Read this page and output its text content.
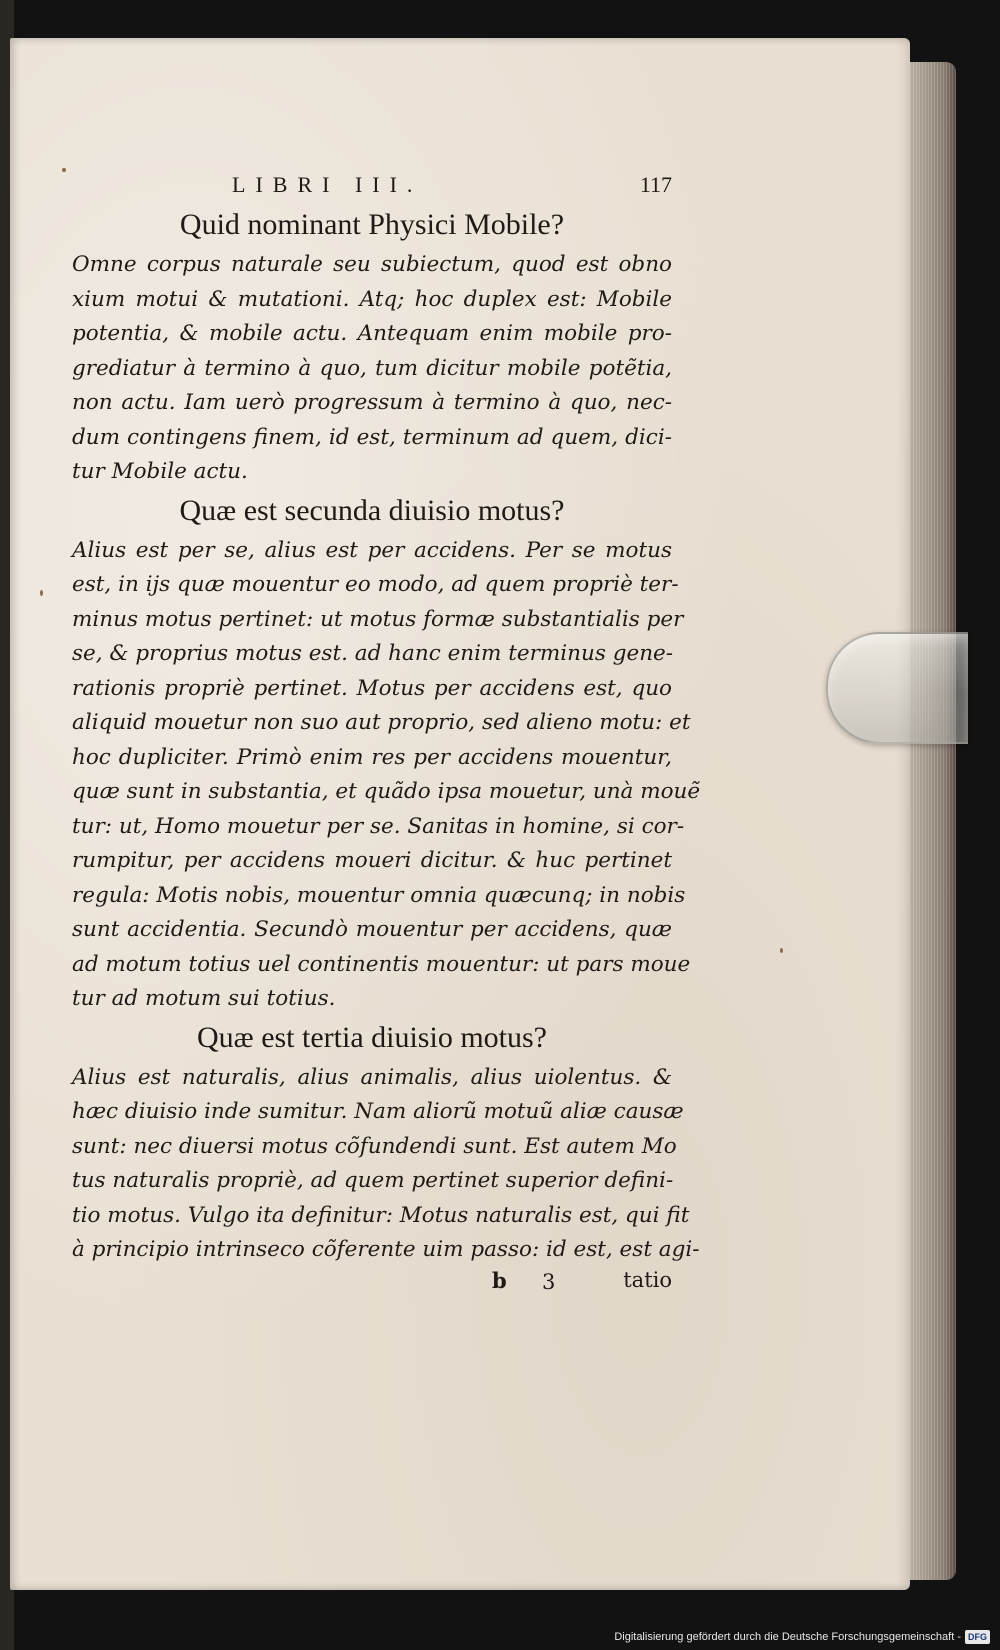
LIBRI III.	117
Quid nominant Physici Mobile?

Omne corpus naturale seu subiectum, quod est obno
xium motui & mutationi. Atq; hoc duplex est: Mobile
potentia, & mobile actu. Antequam enim mobile pro-
grediatur à termino à quo, tum dicitur mobile potẽtia,
non actu. Iam uerò progressum à termino à quo, nec-
dum contingens finem, id est, terminum ad quem, dici-
tur Mobile actu.

Quæ est secunda diuisio motus?

Alius est per se, alius est per accidens. Per se motus
est, in ijs quæ mouentur eo modo, ad quem propriè ter-
minus motus pertinet: ut motus formæ substantialis per
se, & proprius motus est. ad hanc enim terminus gene-
rationis propriè pertinet. Motus per accidens est, quo
aliquid mouetur non suo aut proprio, sed alieno motu: et
hoc dupliciter. Primò enim res per accidens mouentur,
quæ sunt in substantia, et quãdo ipsa mouetur, unà mouẽ
tur: ut, Homo mouetur per se. Sanitas in homine, si cor-
rumpitur, per accidens moueri dicitur. & huc pertinet
regula: Motis nobis, mouentur omnia quæcunq; in nobis
sunt accidentia. Secundò mouentur per accidens, quæ
ad motum totius uel continentis mouentur: ut pars moue
tur ad motum sui totius.

Quæ est tertia diuisio motus?

Alius est naturalis, alius animalis, alius uiolentus. &
hæc diuisio inde sumitur. Nam aliorũ motuũ aliæ causæ
sunt: nec diuersi motus cõfundendi sunt. Est autem Mo
tus naturalis propriè, ad quem pertinet superior defini-
tio motus. Vulgo ita definitur: Motus naturalis est, qui fit
à principio intrinseco cõferente uim passo: id est, est agi-

b 3	tatio
Digitalisierung gefördert durch die Deutsche Forschungsgemeinschaft - DFG
